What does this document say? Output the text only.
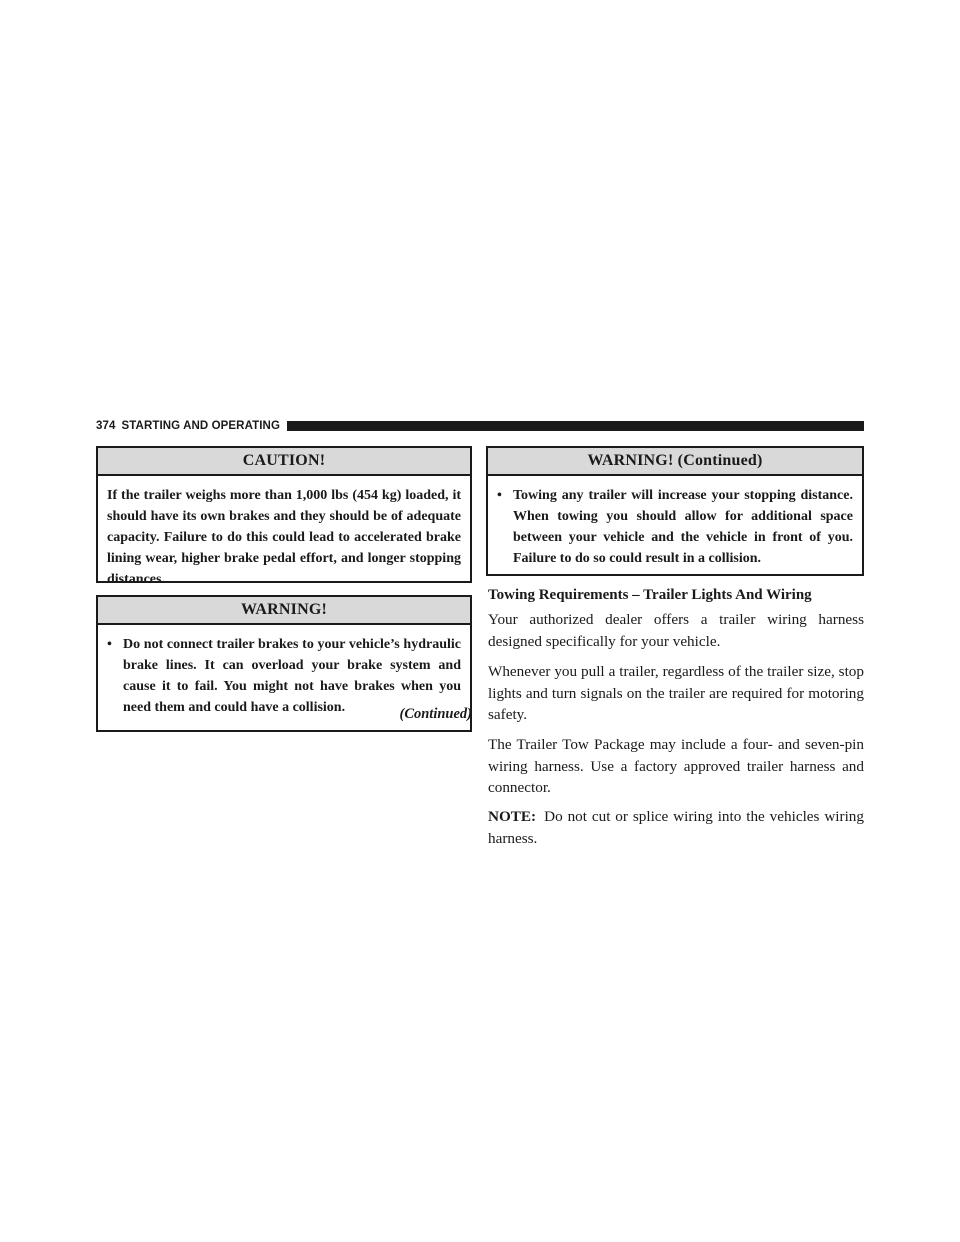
374 STARTING AND OPERATING
CAUTION!
If the trailer weighs more than 1,000 lbs (454 kg) loaded, it should have its own brakes and they should be of adequate capacity. Failure to do this could lead to accelerated brake lining wear, higher brake pedal effort, and longer stopping distances.
WARNING!
• Do not connect trailer brakes to your vehicle’s hydraulic brake lines. It can overload your brake system and cause it to fail. You might not have brakes when you need them and could have a collision.	(Continued)
WARNING! (Continued)
• Towing any trailer will increase your stopping distance. When towing you should allow for additional space between your vehicle and the vehicle in front of you. Failure to do so could result in a collision.
Towing Requirements – Trailer Lights And Wiring

Your authorized dealer offers a trailer wiring harness designed specifically for your vehicle.

Whenever you pull a trailer, regardless of the trailer size, stop lights and turn signals on the trailer are required for motoring safety.

The Trailer Tow Package may include a four- and seven-pin wiring harness. Use a factory approved trailer harness and connector.

NOTE: Do not cut or splice wiring into the vehicles wiring harness.
